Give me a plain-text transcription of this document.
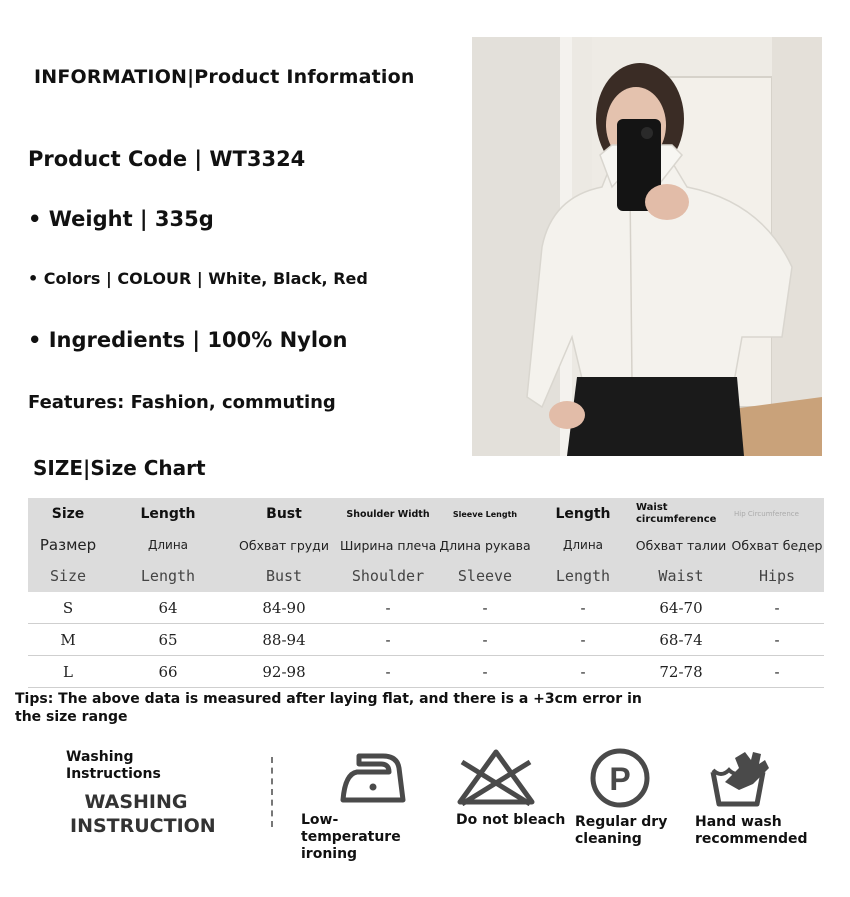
INFORMATION|Product Information
Product Code | WT3324
• Weight | 335g
• Colors | COLOUR | White, Black, Red
• Ingredients | 100% Nylon
Features: Fashion, commuting
SIZE|Size Chart
Size	Length	Bust	Shoulder Width	Sleeve Length	Length	Waist circumference	Hip Circumference
Размер	Длина	Обхват груди	Ширина плеча	Длина рукава	Длина	Обхват талии	Обхват бедер
Size	Length	Bust	Shoulder	Sleeve	Length	Waist	Hips
S	64	84-90	-	-	-	64-70	-
M	65	88-94	-	-	-	68-74	-
L	66	92-98	-	-	-	72-78	-
Tips: The above data is measured after laying flat, and there is a +3cm error in the size range
Washing Instructions
WASHING INSTRUCTION	Low-temperature ironing
Do not bleach
P
Regular dry cleaning
Hand wash recommended
